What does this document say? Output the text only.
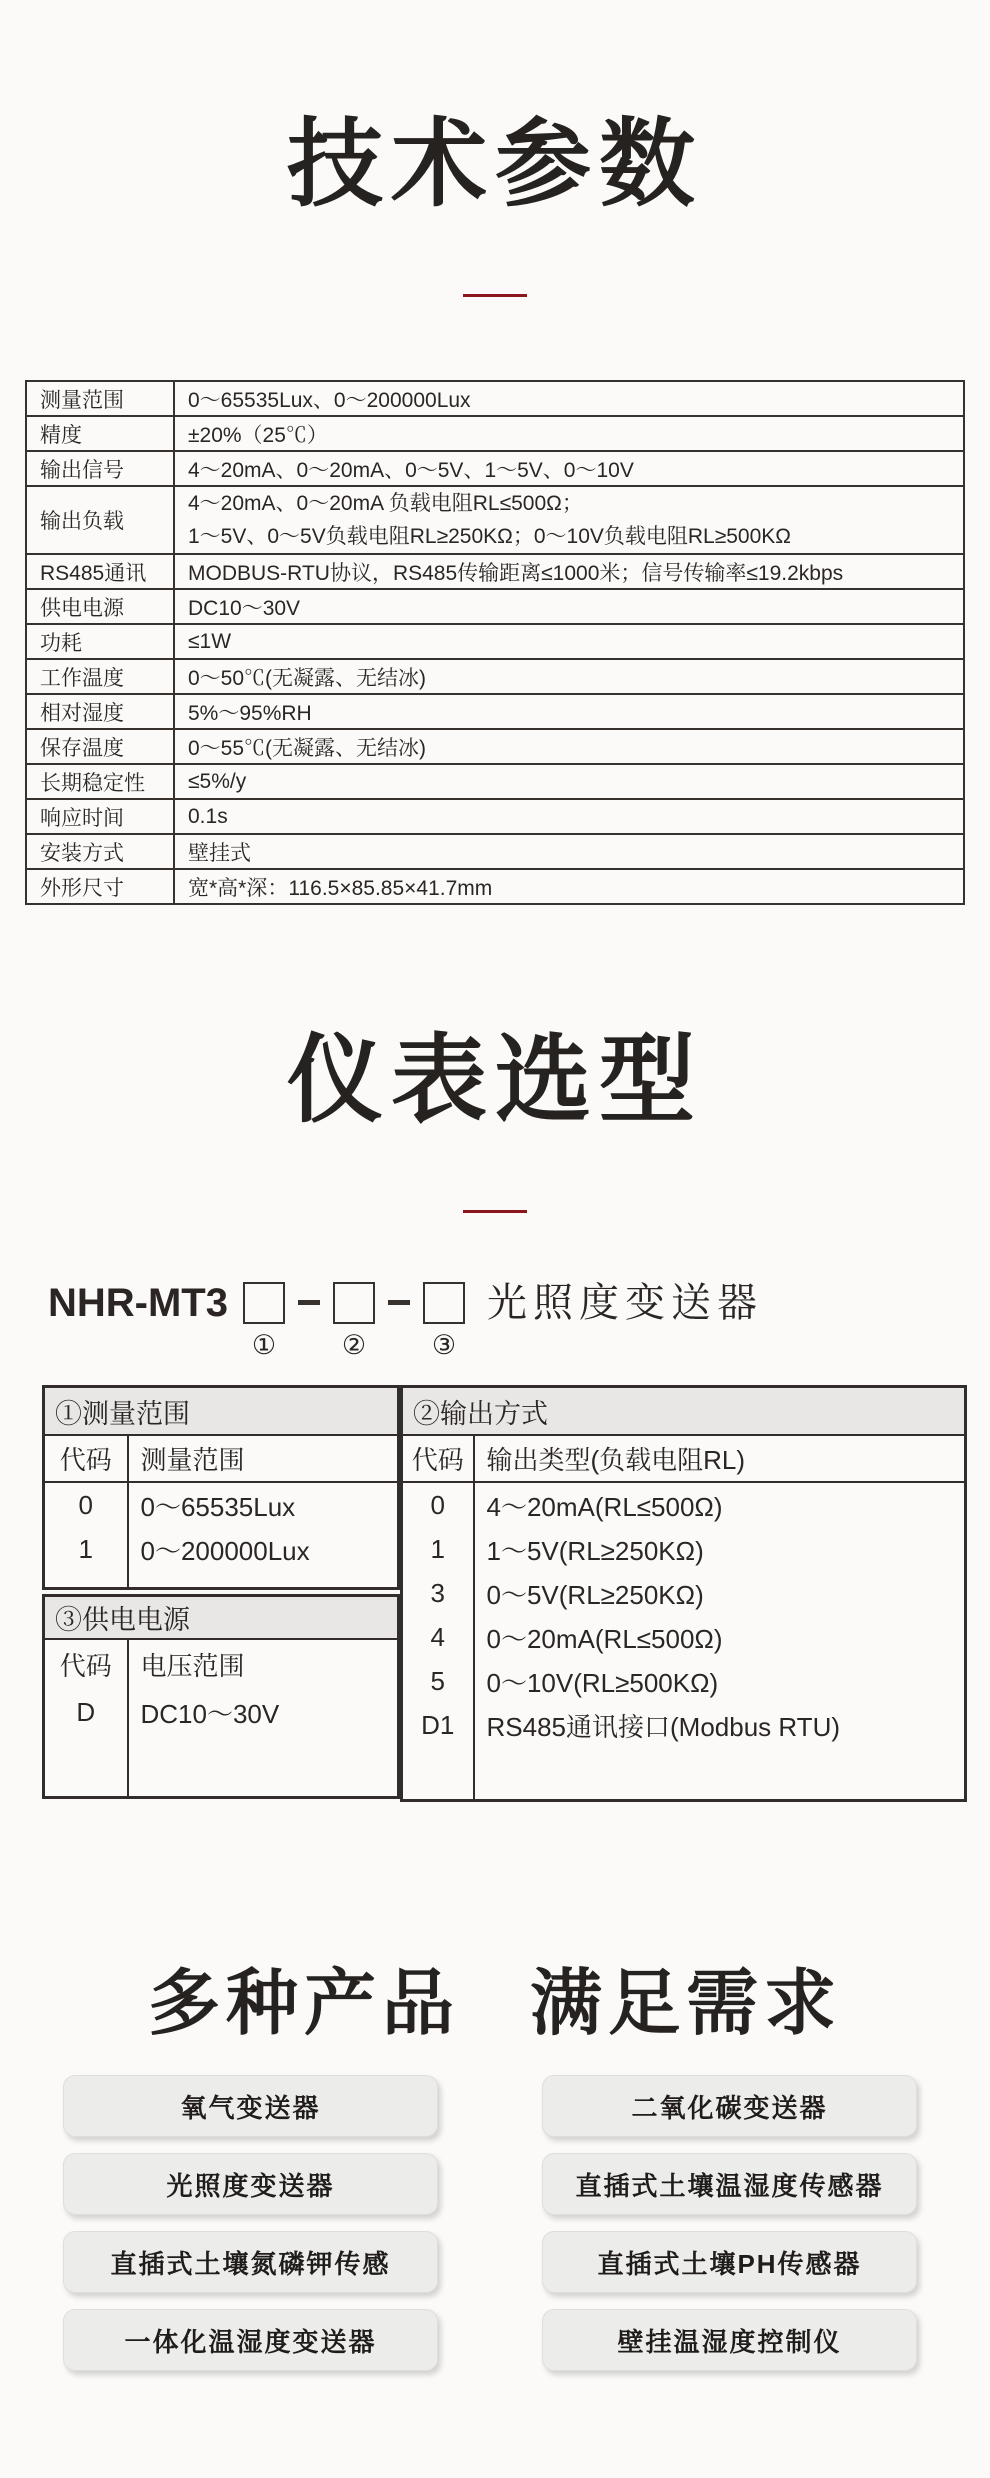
技术参数
测量范围	0～65535Lux、0～200000Lux
精度	±20%（25℃）
输出信号	4～20mA、0～20mA、0～5V、1～5V、0～10V
输出负载	4～20mA、0～20mA 负载电阻RL≤500Ω；
1～5V、0～5V负载电阻RL≥250KΩ；0～10V负载电阻RL≥500KΩ

RS485通讯	MODBUS-RTU协议，RS485传输距离≤1000米；信号传输率≤19.2kbps
供电电源	DC10～30V
功耗	≤1W
工作温度	0～50℃(无凝露、无结冰)
相对湿度	5%～95%RH
保存温度	0～55℃(无凝露、无结冰)
长期稳定性	≤5%/y
响应时间	0.1s
安装方式	壁挂式
外形尺寸	宽*高*深：116.5×85.85×41.7mm
仪表选型
NHR-MT3
① ② ③
光照度变送器
①测量范围	
代码	测量范围
0	0～65535Lux
1	0～200000Lux

③供电电源	
代码	电压范围
D	DC10～30V

②输出方式	
代码	输出类型(负载电阻RL)
0	4～20mA(RL≤500Ω)
1	1～5V(RL≥250KΩ)
3	0～5V(RL≥250KΩ)
4	0～20mA(RL≤500Ω)
5	0～10V(RL≥500KΩ)
D1	RS485通讯接口(Modbus RTU)

多种产品 满足需求
氧气变送器
光照度变送器
直插式土壤氮磷钾传感
一体化温湿度变送器
二氧化碳变送器
直插式土壤温湿度传感器
直插式土壤PH传感器
壁挂温湿度控制仪
